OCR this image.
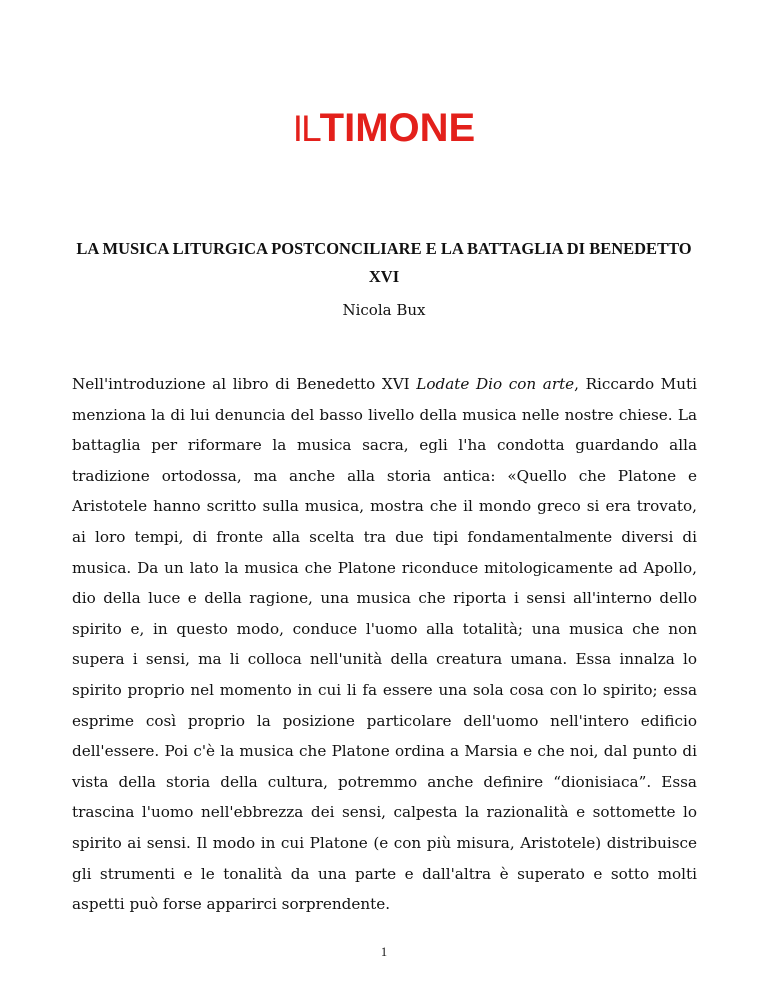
ILTIMONE
LA MUSICA LITURGICA POSTCONCILIARE E LA BATTAGLIA DI BENEDETTO XVI

Nicola Bux

Nell'introduzione al libro di Benedetto XVI Lodate Dio con arte, Riccardo Muti menziona la di lui denuncia del basso livello della musica nelle nostre chiese. La battaglia per riformare la musica sacra, egli l'ha condotta guardando alla tradizione ortodossa, ma anche alla storia antica: «Quello che Platone e Aristotele hanno scritto sulla musica, mostra che il mondo greco si era trovato, ai loro tempi, di fronte alla scelta tra due tipi fondamentalmente diversi di musica. Da un lato la musica che Platone riconduce mitologicamente ad Apollo, dio della luce e della ragione, una musica che riporta i sensi all'interno dello spirito e, in questo modo, conduce l'uomo alla totalità; una musica che non supera i sensi, ma li colloca nell'unità della creatura umana. Essa innalza lo spirito proprio nel momento in cui li fa essere una sola cosa con lo spirito; essa esprime così proprio la posizione particolare dell'uomo nell'intero edificio dell'essere. Poi c'è la musica che Platone ordina a Marsia e che noi, dal punto di vista della storia della cultura, potremmo anche definire “dionisiaca”. Essa trascina l'uomo nell'ebbrezza dei sensi, calpesta la razionalità e sottomette lo spirito ai sensi. Il modo in cui Platone (e con più misura, Aristotele) distribuisce gli strumenti e le tonalità da una parte e dall'altra è superato e sotto molti aspetti può forse apparirci sorprendente.

1
